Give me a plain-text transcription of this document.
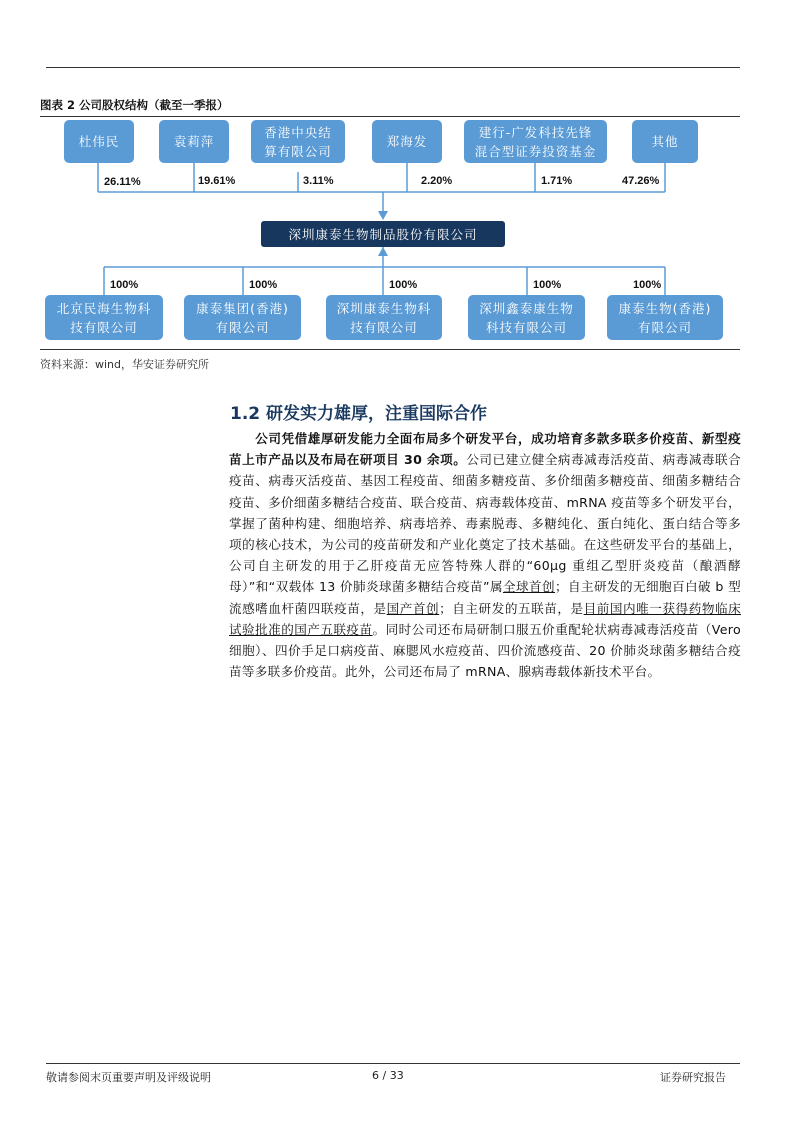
图表 2 公司股权结构（截至一季报）
杜伟民	袁莉萍
香港中央结
算有限公司
郑海发
建行-广发科技先锋
混合型证券投资基金
其他
26.11%	19.61%	3.11%	2.20%	1.71%	47.26%
深圳康泰生物制品股份有限公司
100%	100%	100%	100%	100%
北京民海生物科
技有限公司
康泰集团(香港)
有限公司
深圳康泰生物科
技有限公司
深圳鑫泰康生物
科技有限公司
康泰生物(香港)
有限公司
资料来源：wind，华安证券研究所
1.2 研发实力雄厚，注重国际合作
公司凭借雄厚研发能力全面布局多个研发平台，成功培育多款多联多价疫苗、新型疫苗上市产品以及布局在研项目 30 余项。公司已建立健全病毒减毒活疫苗、病毒减毒联合疫苗、病毒灭活疫苗、基因工程疫苗、细菌多糖疫苗、多价细菌多糖疫苗、细菌多糖结合疫苗、多价细菌多糖结合疫苗、联合疫苗、病毒载体疫苗、mRNA 疫苗等多个研发平台，掌握了菌种构建、细胞培养、病毒培养、毒素脱毒、多糖纯化、蛋白纯化、蛋白结合等多项的核心技术，为公司的疫苗研发和产业化奠定了技术基础。在这些研发平台的基础上，公司自主研发的用于乙肝疫苗无应答特殊人群的“60μg 重组乙型肝炎疫苗（酿酒酵母）”和“双载体 13 价肺炎球菌多糖结合疫苗”属全球首创；自主研发的无细胞百白破 b 型流感嗜血杆菌四联疫苗，是国产首创；自主研发的五联苗，是目前国内唯一获得药物临床试验批准的国产五联疫苗。同时公司还布局研制口服五价重配轮状病毒减毒活疫苗（Vero 细胞）、四价手足口病疫苗、麻腮风水痘疫苗、四价流感疫苗、20 价肺炎球菌多糖结合疫苗等多联多价疫苗。此外，公司还布局了 mRNA、腺病毒载体新技术平台。
敬请参阅末页重要声明及评级说明	6 / 33	证券研究报告
